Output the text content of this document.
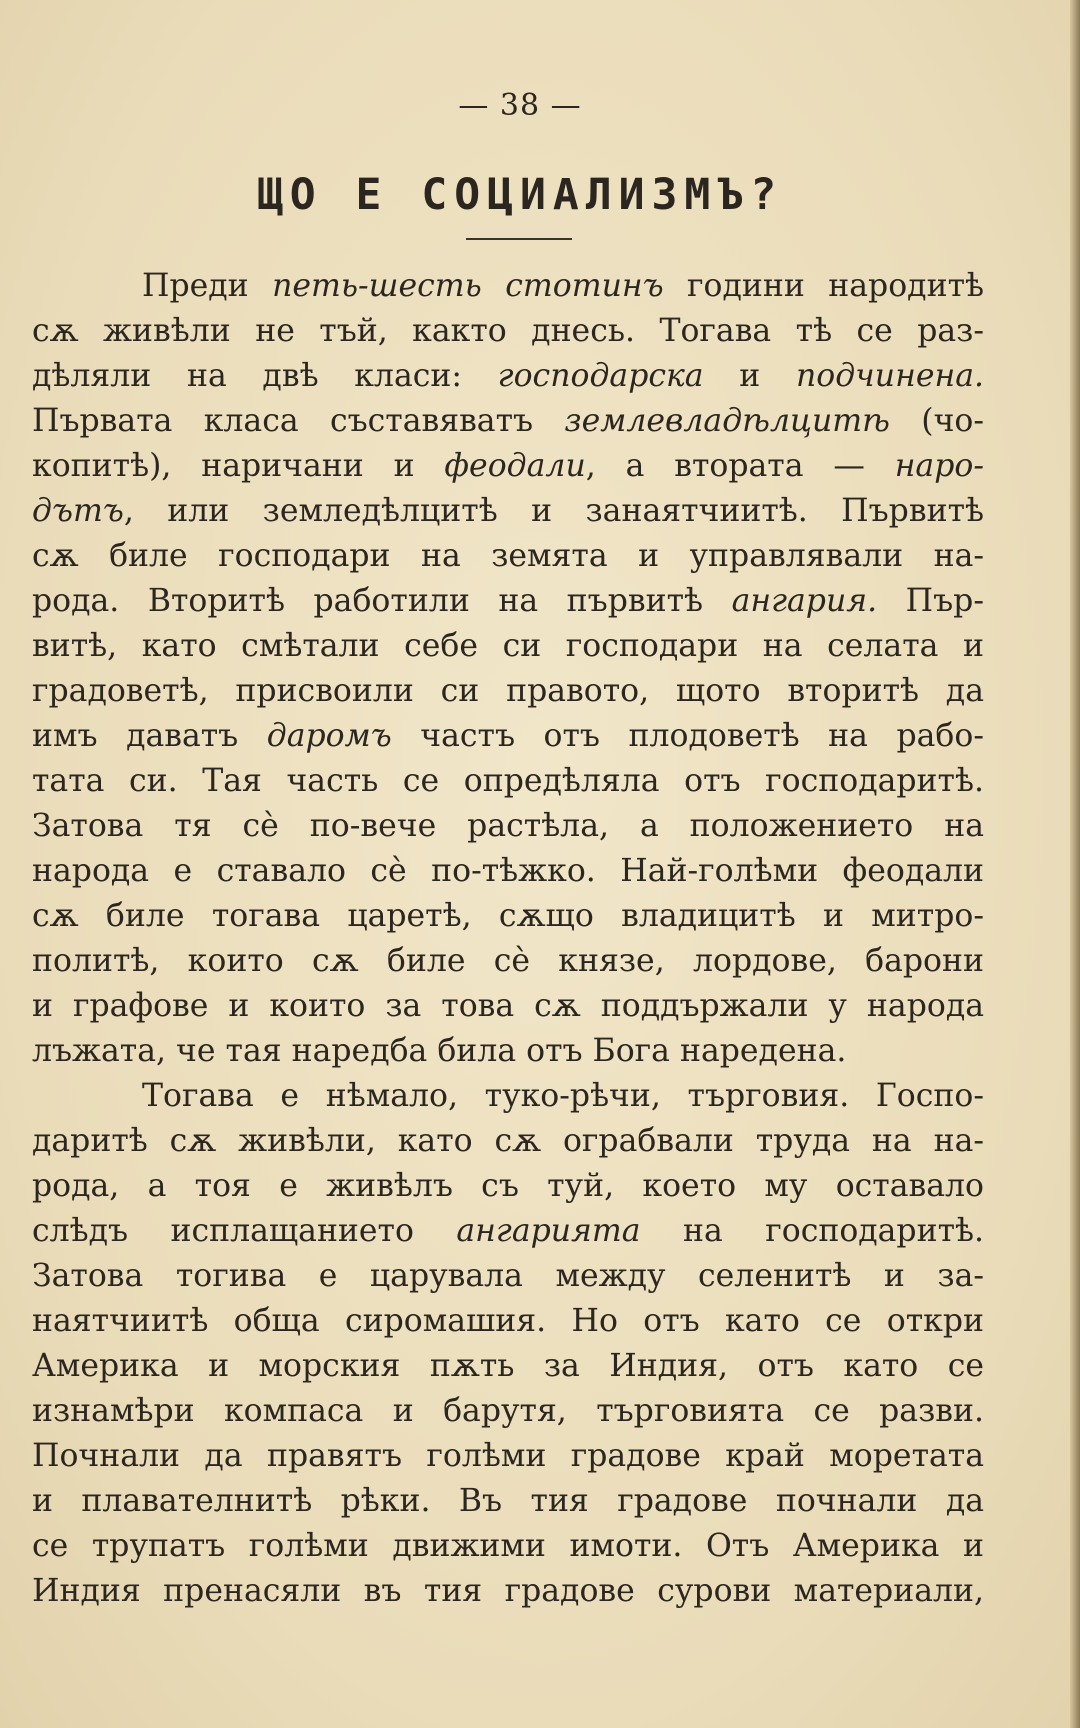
— 38 —
ЩО Е СОЦИАЛИЗМЪ?
Преди петь-шесть стотинъ години народитѣ
сѫ живѣли не тъй, както днесь. Тогава тѣ се раз-
дѣляли на двѣ класи: господарска и подчинена.
Първата класа съставяватъ землевладѣлцитѣ (чо-
копитѣ), наричани и феодали, а втората — наро-
дътъ, или земледѣлцитѣ и занаятчиитѣ. Първитѣ
сѫ биле господари на земята и управлявали на-
рода. Вторитѣ работили на първитѣ ангария. Пър-
витѣ, като смѣтали себе си господари на селата и
градоветѣ, присвоили си правото, щото вторитѣ да
имъ даватъ даромъ частъ отъ плодоветѣ на рабо-
тата си. Тая часть се опредѣляла отъ господаритѣ.
Затова тя сѐ по-вече растѣла, а положението на
народа е ставало сѐ по-тѣжко. Най-голѣми феодали
сѫ биле тогава царетѣ, сѫщо владицитѣ и митро-
политѣ, които сѫ биле сѐ князе, лордове, барони
и графове и които за това сѫ поддържали у народа
лъжата, че тая наредба била отъ Бога наредена.
Тогава е нѣмало, туко-рѣчи, търговия. Госпо-
даритѣ сѫ живѣли, като сѫ ограбвали труда на на-
рода, а тоя е живѣлъ съ туй, което му оставало
слѣдъ исплащанието ангарията на господаритѣ.
Затова тогива е царувала между селенитѣ и за-
наятчиитѣ обща сиромашия. Но отъ като се откри
Америка и морския пѫть за Индия, отъ като се
изнамѣри компаса и барутя, търговията се разви.
Почнали да правятъ голѣми градове край моретата
и плавателнитѣ рѣки. Въ тия градове почнали да
се трупатъ голѣми движими имоти. Отъ Америка и
Индия пренасяли въ тия градове сурови материали,
